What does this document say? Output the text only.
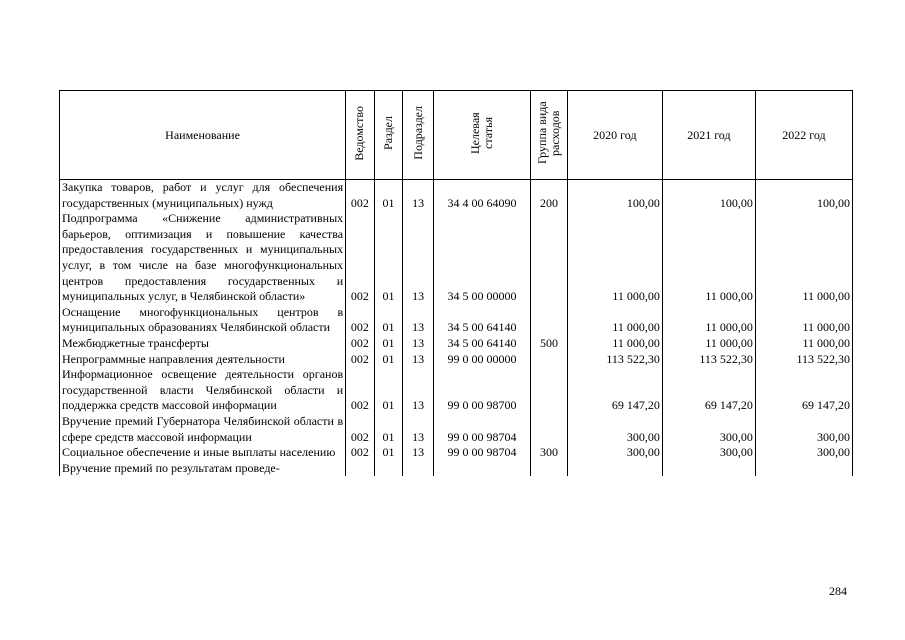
Наименование	Ведомство	Раздел	Подраздел	Целевая статья	Группа вида расходов	2020 год	2021 год	2022 год
Закупка товаров, работ и услуг для обеспечения государственных (муниципальных) нужд	002	01	13	34 4 00 64090	200	100,00	100,00	100,00
Подпрограмма «Снижение административных барьеров, оптимизация и повышение качества предоставления государственных и муниципальных услуг, в том числе на базе многофункциональных центров предоставления государственных и муниципальных услуг, в Челябинской области»	002	01	13	34 5 00 00000		11 000,00	11 000,00	11 000,00
Оснащение многофункциональных центров в муниципальных образованиях Челябинской области	002	01	13	34 5 00 64140		11 000,00	11 000,00	11 000,00
Межбюджетные трансферты	002	01	13	34 5 00 64140	500	11 000,00	11 000,00	11 000,00
Непрограммные направления деятельности	002	01	13	99 0 00 00000		113 522,30	113 522,30	113 522,30
Информационное освещение деятельности органов государственной власти Челябинской области и поддержка средств массовой информации	002	01	13	99 0 00 98700		69 147,20	69 147,20	69 147,20
Вручение премий Губернатора Челябинской области в сфере средств массовой информации	002	01	13	99 0 00 98704		300,00	300,00	300,00
Социальное обеспечение и иные выплаты населению	002	01	13	99 0 00 98704	300	300,00	300,00	300,00
Вручение премий по результатам проведе-								
284
